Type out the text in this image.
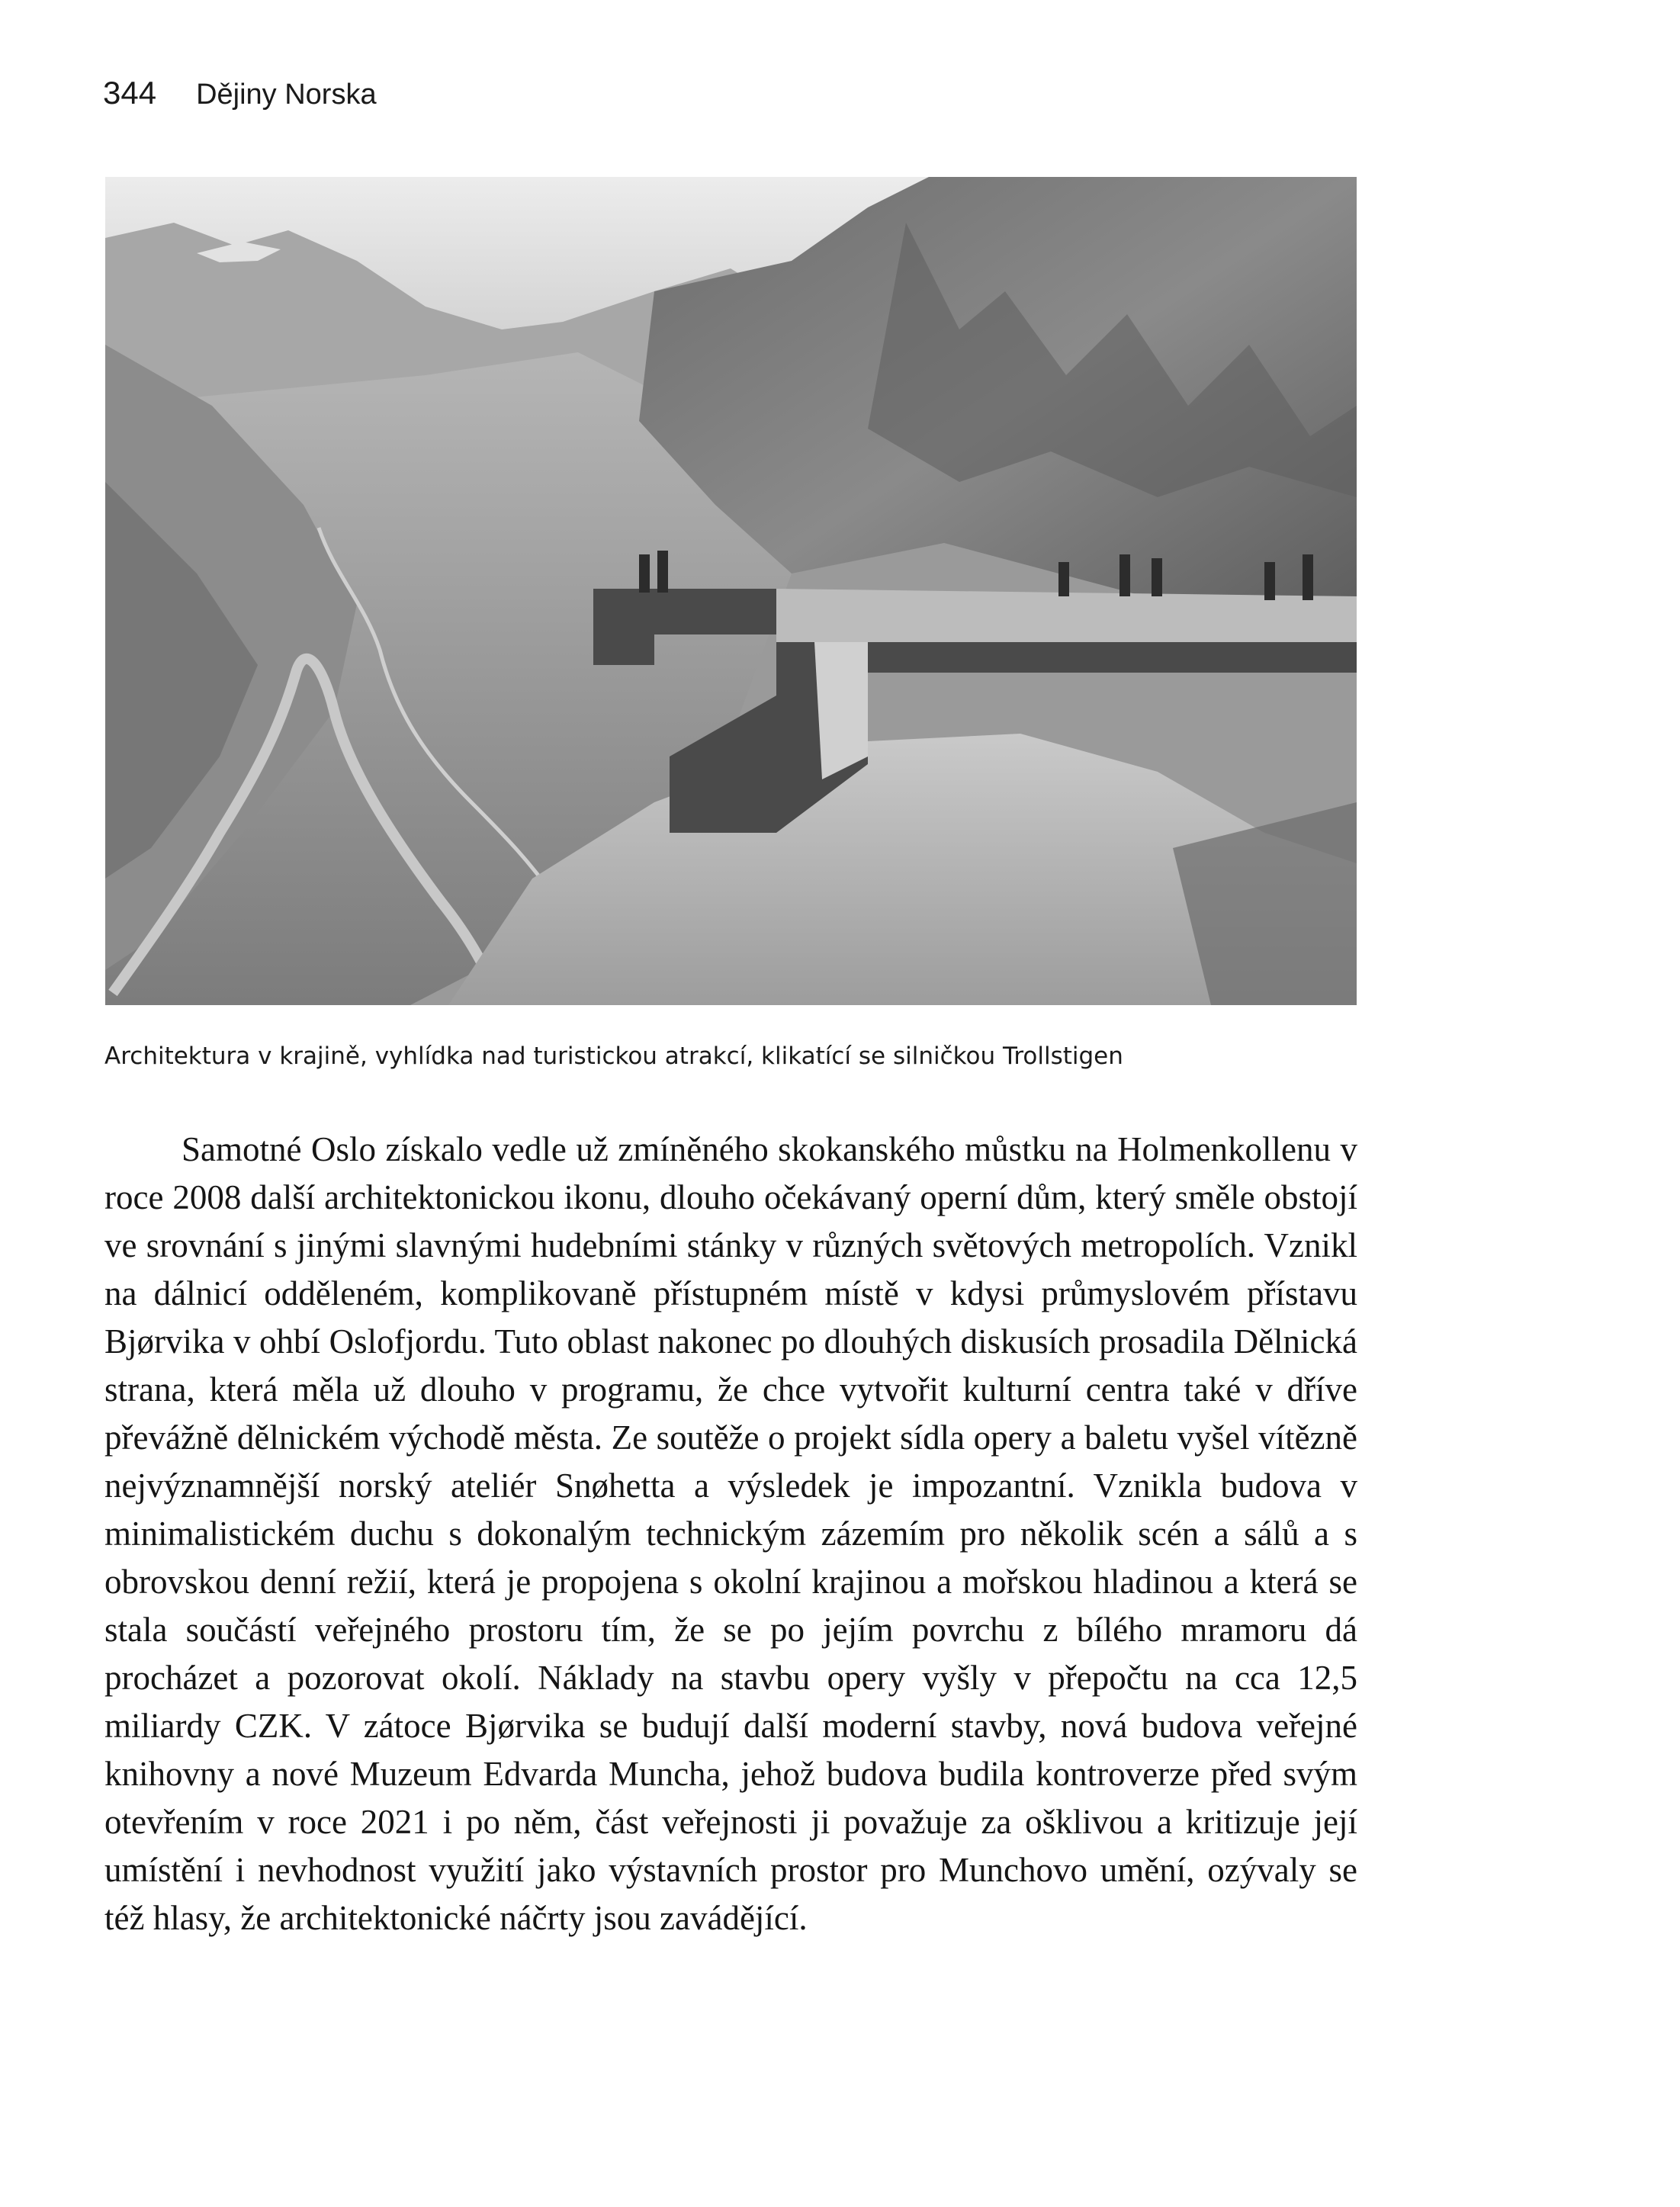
344 Dějiny Norska
Architektura v krajině, vyhlídka nad turistickou atrakcí, klikatící se silničkou Trollstigen

Samotné Oslo získalo vedle už zmíněného skokanského můstku na Holmenkollenu v roce 2008 další architektonickou ikonu, dlouho očekávaný operní dům, který směle obstojí ve srovnání s jinými slavnými hudebními stánky v různých světových metropolích. Vznikl na dálnicí odděleném, komplikovaně přístupném místě v kdysi průmyslovém přístavu Bjørvika v ohbí Oslofjordu. Tuto oblast nakonec po dlouhých diskusích prosadila Dělnická strana, která měla už dlouho v programu, že chce vytvořit kulturní centra také v dříve převážně dělnickém východě města. Ze soutěže o projekt sídla opery a baletu vyšel vítězně nejvýznamnější norský ateliér Snøhetta a výsledek je impozantní. Vznikla budova v minimalistickém duchu s dokonalým technickým zázemím pro několik scén a sálů a s obrovskou denní režií, která je propojena s okolní krajinou a mořskou hladinou a která se stala součástí veřejného prostoru tím, že se po jejím povrchu z bílého mramoru dá procházet a pozorovat okolí. Náklady na stavbu opery vyšly v přepočtu na cca 12,5 miliardy CZK. V zátoce Bjørvika se budují další moderní stavby, nová budova veřejné knihovny a nové Muzeum Edvarda Muncha, jehož budova budila kontroverze před svým otevřením v roce 2021 i po něm, část veřejnosti ji považuje za ošklivou a kritizuje její umístění i nevhodnost využití jako výstavních prostor pro Munchovo umění, ozývaly se též hlasy, že architektonické náčrty jsou zavádějící.
